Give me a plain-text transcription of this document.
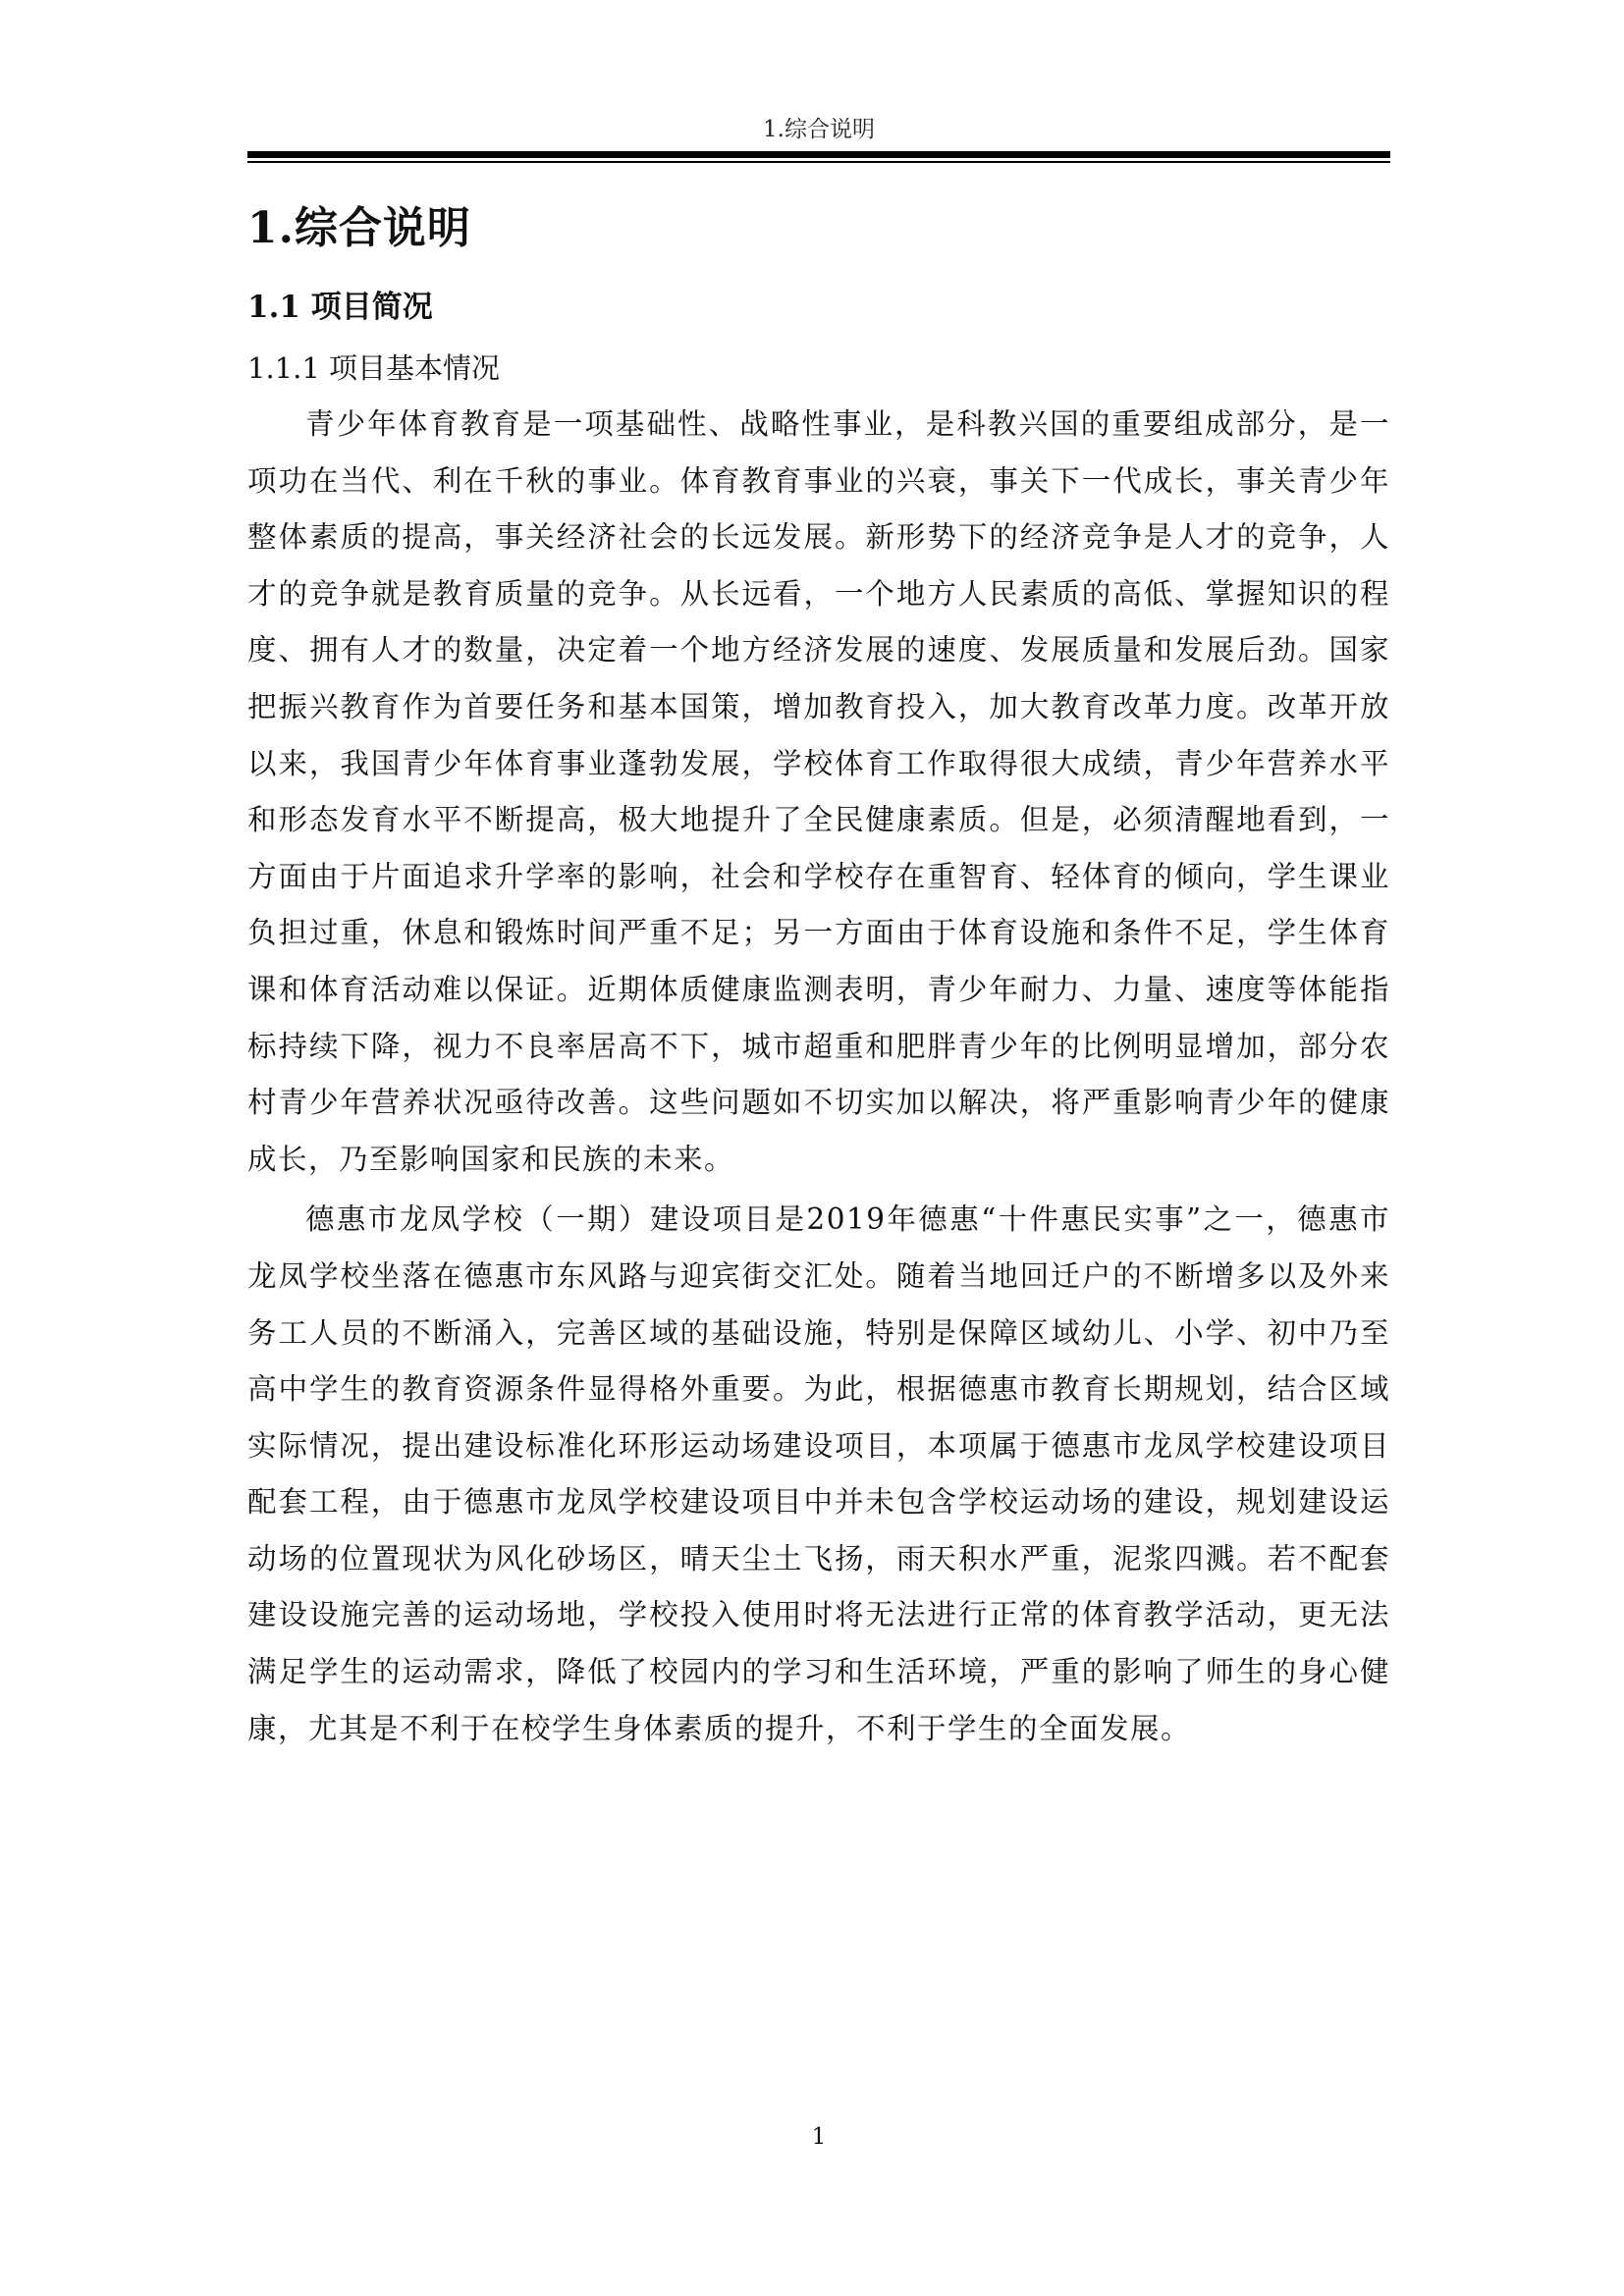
1.综合说明
1.综合说明
1.1 项目简况
1.1.1 项目基本情况

青少年体育教育是一项基础性、战略性事业，是科教兴国的重要组成部分，是一项功在当代、利在千秋的事业。体育教育事业的兴衰，事关下一代成长，事关青少年整体素质的提高，事关经济社会的长远发展。新形势下的经济竞争是人才的竞争，人才的竞争就是教育质量的竞争。从长远看，一个地方人民素质的高低、掌握知识的程度、拥有人才的数量，决定着一个地方经济发展的速度、发展质量和发展后劲。国家把振兴教育作为首要任务和基本国策，增加教育投入，加大教育改革力度。改革开放以来，我国青少年体育事业蓬勃发展，学校体育工作取得很大成绩，青少年营养水平和形态发育水平不断提高，极大地提升了全民健康素质。但是，必须清醒地看到，一方面由于片面追求升学率的影响，社会和学校存在重智育、轻体育的倾向，学生课业负担过重，休息和锻炼时间严重不足；另一方面由于体育设施和条件不足，学生体育课和体育活动难以保证。近期体质健康监测表明，青少年耐力、力量、速度等体能指标持续下降，视力不良率居高不下，城市超重和肥胖青少年的比例明显增加，部分农村青少年营养状况亟待改善。这些问题如不切实加以解决，将严重影响青少年的健康成长，乃至影响国家和民族的未来。

德惠市龙凤学校（一期）建设项目是2019年德惠“十件惠民实事”之一，德惠市龙凤学校坐落在德惠市东风路与迎宾街交汇处。随着当地回迁户的不断增多以及外来务工人员的不断涌入，完善区域的基础设施，特别是保障区域幼儿、小学、初中乃至高中学生的教育资源条件显得格外重要。为此，根据德惠市教育长期规划，结合区域实际情况，提出建设标准化环形运动场建设项目，本项属于德惠市龙凤学校建设项目配套工程，由于德惠市龙凤学校建设项目中并未包含学校运动场的建设，规划建设运动场的位置现状为风化砂场区，晴天尘土飞扬，雨天积水严重，泥浆四溅。若不配套建设设施完善的运动场地，学校投入使用时将无法进行正常的体育教学活动，更无法满足学生的运动需求，降低了校园内的学习和生活环境，严重的影响了师生的身心健康，尤其是不利于在校学生身体素质的提升，不利于学生的全面发展。

1
